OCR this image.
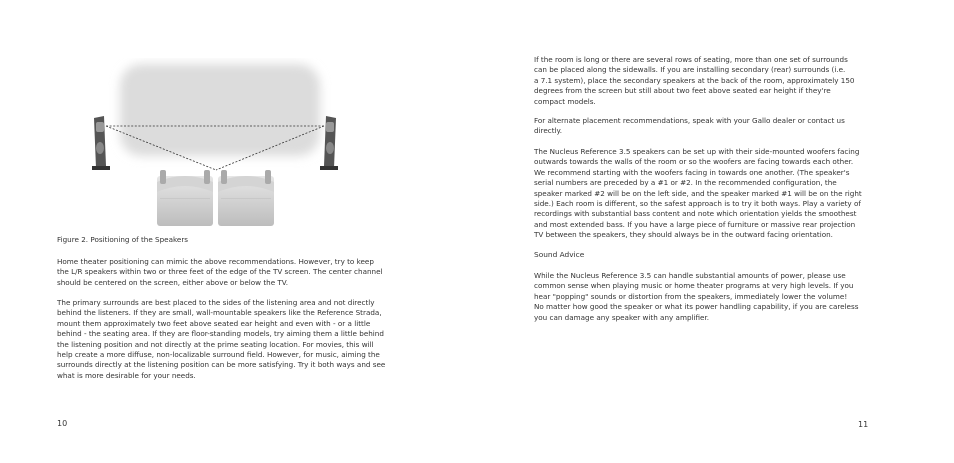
Figure 2. Positioning of the Speakers

Home theater positioning can mimic the above recommendations. However, try to keep
the L/R speakers within two or three feet of the edge of the TV screen. The center channel
should be centered on the screen, either above or below the TV.

The primary surrounds are best placed to the sides of the listening area and not directly
behind the listeners. If they are small, wall-mountable speakers like the Reference Strada,
mount them approximately two feet above seated ear height and even with - or a little
behind - the seating area. If they are floor-standing models, try aiming them a little behind
the listening position and not directly at the prime seating location. For movies, this will
help create a more diffuse, non-localizable surround field. However, for music, aiming the
surrounds directly at the listening position can be more satisfying. Try it both ways and see
what is more desirable for your needs.

10

If the room is long or there are several rows of seating, more than one set of surrounds
can be placed along the sidewalls. If you are installing secondary (rear) surrounds (i.e.
a 7.1 system), place the secondary speakers at the back of the room, approximately 150
degrees from the screen but still about two feet above seated ear height if they're
compact models.

For alternate placement recommendations, speak with your Gallo dealer or contact us
directly.

The Nucleus Reference 3.5 speakers can be set up with their side-mounted woofers facing
outwards towards the walls of the room or so the woofers are facing towards each other.
We recommend starting with the woofers facing in towards one another. (The speaker's
serial numbers are preceded by a #1 or #2. In the recommended configuration, the
speaker marked #2 will be on the left side, and the speaker marked #1 will be on the right
side.) Each room is different, so the safest approach is to try it both ways. Play a variety of
recordings with substantial bass content and note which orientation yields the smoothest
and most extended bass. If you have a large piece of furniture or massive rear projection
TV between the speakers, they should always be in the outward facing orientation.

Sound Advice

While the Nucleus Reference 3.5 can handle substantial amounts of power, please use
common sense when playing music or home theater programs at very high levels. If you
hear "popping" sounds or distortion from the speakers, immediately lower the volume!
No matter how good the speaker or what its power handling capability, if you are careless
you can damage any speaker with any amplifier.

11
